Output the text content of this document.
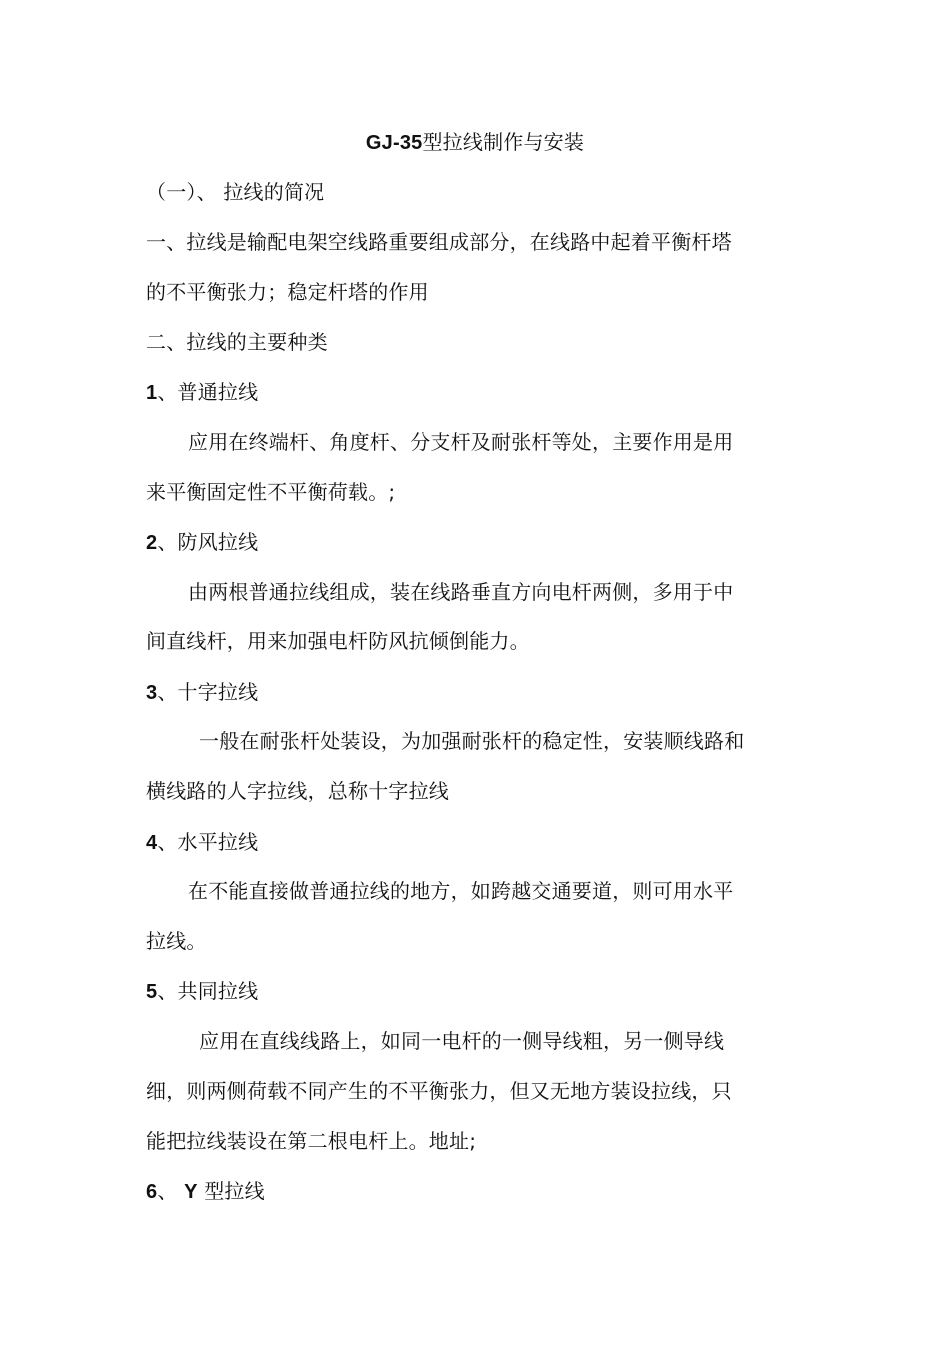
GJ-35型拉线制作与安装
（一）、 拉线的简况
一、拉线是输配电架空线路重要组成部分，在线路中起着平衡杆塔
的不平衡张力；稳定杆塔的作用
二、拉线的主要种类
1、普通拉线
应用在终端杆、角度杆、分支杆及耐张杆等处，主要作用是用
来平衡固定性不平衡荷载。;
2、防风拉线
由两根普通拉线组成，装在线路垂直方向电杆两侧，多用于中
间直线杆，用来加强电杆防风抗倾倒能力。
3、十字拉线
一般在耐张杆处装设，为加强耐张杆的稳定性，安装顺线路和
横线路的人字拉线，总称十字拉线
4、水平拉线
在不能直接做普通拉线的地方，如跨越交通要道，则可用水平
拉线。
5、共同拉线
应用在直线线路上，如同一电杆的一侧导线粗，另一侧导线
细，则两侧荷载不同产生的不平衡张力，但又无地方装设拉线，只
能把拉线装设在第二根电杆上。地址;
6、 Y 型拉线
